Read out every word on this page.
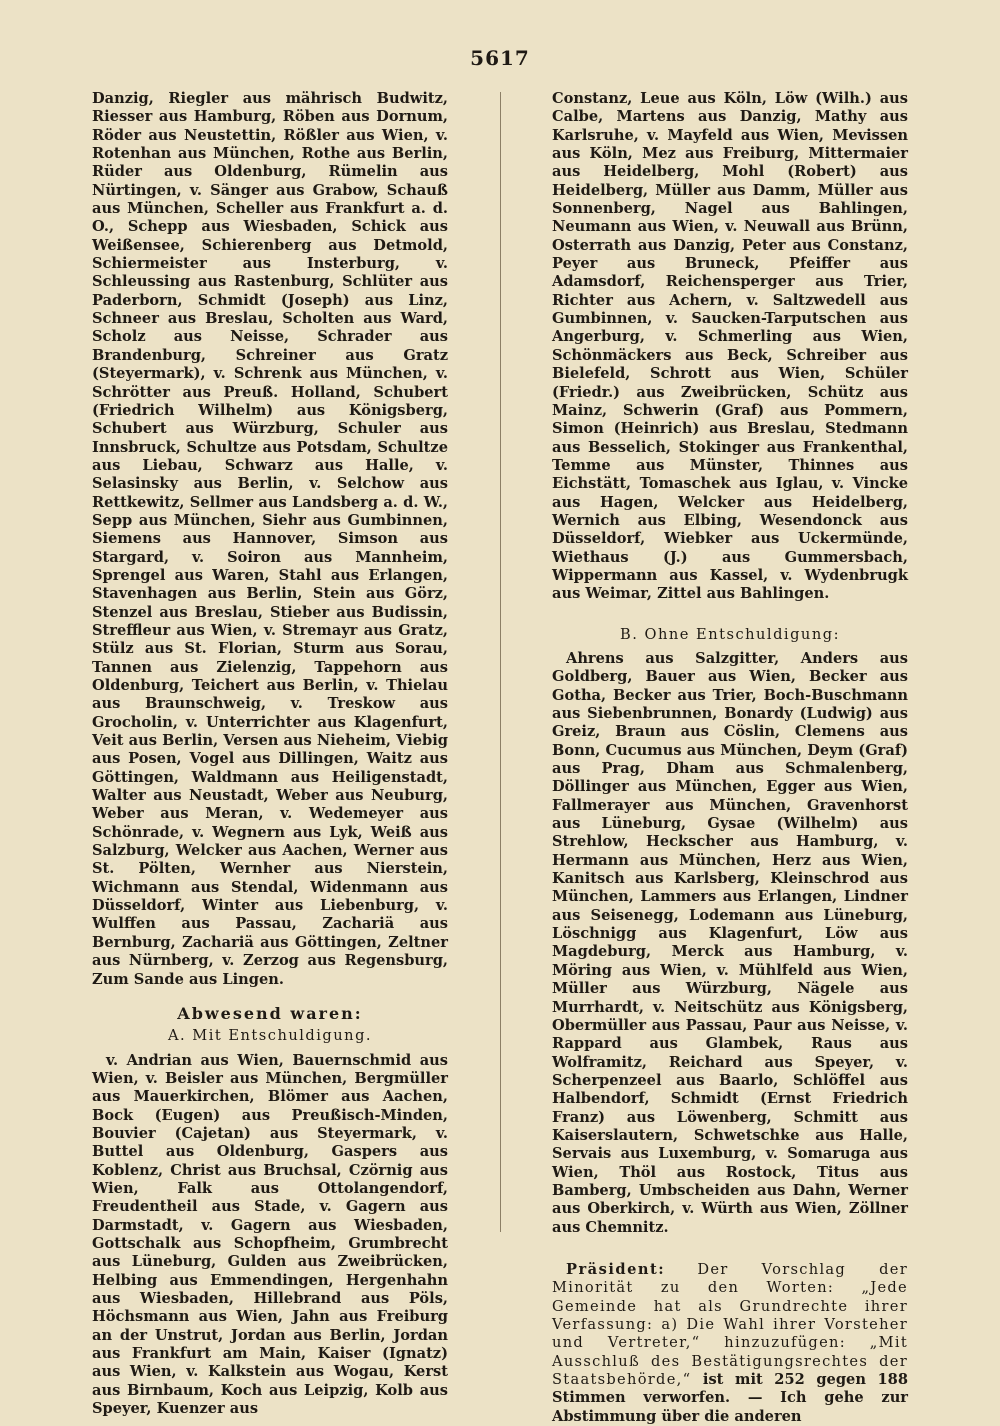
5617

Danzig, Riegler aus mährisch Budwitz, Riesser aus Hamburg, Röben aus Dornum, Röder aus Neustettin, Rößler aus Wien, v. Rotenhan aus München, Rothe aus Berlin, Rüder aus Oldenburg, Rümelin aus Nürtingen, v. Sänger aus Grabow, Schauß aus München, Scheller aus Frankfurt a. d. O., Schepp aus Wiesbaden, Schick aus Weißensee, Schierenberg aus Detmold, Schiermeister aus Insterburg, v. Schleussing aus Rastenburg, Schlüter aus Paderborn, Schmidt (Joseph) aus Linz, Schneer aus Breslau, Scholten aus Ward, Scholz aus Neisse, Schrader aus Brandenburg, Schreiner aus Gratz (Steyermark), v. Schrenk aus München, v. Schrötter aus Preuß. Holland, Schubert (Friedrich Wilhelm) aus Königsberg, Schubert aus Würzburg, Schuler aus Innsbruck, Schultze aus Potsdam, Schultze aus Liebau, Schwarz aus Halle, v. Selasinsky aus Berlin, v. Selchow aus Rettkewitz, Sellmer aus Landsberg a. d. W., Sepp aus München, Siehr aus Gumbinnen, Siemens aus Hannover, Simson aus Stargard, v. Soiron aus Mannheim, Sprengel aus Waren, Stahl aus Erlangen, Stavenhagen aus Berlin, Stein aus Görz, Stenzel aus Breslau, Stieber aus Budissin, Streffleur aus Wien, v. Stremayr aus Gratz, Stülz aus St. Florian, Sturm aus Sorau, Tannen aus Zielenzig, Tappehorn aus Oldenburg, Teichert aus Berlin, v. Thielau aus Braunschweig, v. Treskow aus Grocholin, v. Unterrichter aus Klagenfurt, Veit aus Berlin, Versen aus Nieheim, Viebig aus Posen, Vogel aus Dillingen, Waitz aus Göttingen, Waldmann aus Heiligenstadt, Walter aus Neustadt, Weber aus Neuburg, Weber aus Meran, v. Wedemeyer aus Schönrade, v. Wegnern aus Lyk, Weiß aus Salzburg, Welcker aus Aachen, Werner aus St. Pölten, Wernher aus Nierstein, Wichmann aus Stendal, Widenmann aus Düsseldorf, Winter aus Liebenburg, v. Wulffen aus Passau, Zachariä aus Bernburg, Zachariä aus Göttingen, Zeltner aus Nürnberg, v. Zerzog aus Regensburg, Zum Sande aus Lingen.

Abwesend waren:

A. Mit Entschuldigung.

v. Andrian aus Wien, Bauernschmid aus Wien, v. Beisler aus München, Bergmüller aus Mauerkirchen, Blömer aus Aachen, Bock (Eugen) aus Preußisch-Minden, Bouvier (Cajetan) aus Steyermark, v. Buttel aus Oldenburg, Gaspers aus Koblenz, Christ aus Bruchsal, Czörnig aus Wien, Falk aus Ottolangendorf, Freudentheil aus Stade, v. Gagern aus Darmstadt, v. Gagern aus Wiesbaden, Gottschalk aus Schopfheim, Grumbrecht aus Lüneburg, Gulden aus Zweibrücken, Helbing aus Emmendingen, Hergenhahn aus Wiesbaden, Hillebrand aus Pöls, Höchsmann aus Wien, Jahn aus Freiburg an der Unstrut, Jordan aus Berlin, Jordan aus Frankfurt am Main, Kaiser (Ignatz) aus Wien, v. Kalkstein aus Wogau, Kerst aus Birnbaum, Koch aus Leipzig, Kolb aus Speyer, Kuenzer aus

Constanz, Leue aus Köln, Löw (Wilh.) aus Calbe, Martens aus Danzig, Mathy aus Karlsruhe, v. Mayfeld aus Wien, Mevissen aus Köln, Mez aus Freiburg, Mittermaier aus Heidelberg, Mohl (Robert) aus Heidelberg, Müller aus Damm, Müller aus Sonnenberg, Nagel aus Bahlingen, Neumann aus Wien, v. Neuwall aus Brünn, Osterrath aus Danzig, Peter aus Constanz, Peyer aus Bruneck, Pfeiffer aus Adamsdorf, Reichensperger aus Trier, Richter aus Achern, v. Saltzwedell aus Gumbinnen, v. Saucken-Tarputschen aus Angerburg, v. Schmerling aus Wien, Schönmäckers aus Beck, Schreiber aus Bielefeld, Schrott aus Wien, Schüler (Friedr.) aus Zweibrücken, Schütz aus Mainz, Schwerin (Graf) aus Pommern, Simon (Heinrich) aus Breslau, Stedmann aus Besselich, Stokinger aus Frankenthal, Temme aus Münster, Thinnes aus Eichstätt, Tomaschek aus Iglau, v. Vincke aus Hagen, Welcker aus Heidelberg, Wernich aus Elbing, Wesendonck aus Düsseldorf, Wiebker aus Uckermünde, Wiethaus (J.) aus Gummersbach, Wippermann aus Kassel, v. Wydenbrugk aus Weimar, Zittel aus Bahlingen.

B. Ohne Entschuldigung:

Ahrens aus Salzgitter, Anders aus Goldberg, Bauer aus Wien, Becker aus Gotha, Becker aus Trier, Boch-Buschmann aus Siebenbrunnen, Bonardy (Ludwig) aus Greiz, Braun aus Cöslin, Clemens aus Bonn, Cucumus aus München, Deym (Graf) aus Prag, Dham aus Schmalenberg, Döllinger aus München, Egger aus Wien, Fallmerayer aus München, Gravenhorst aus Lüneburg, Gysae (Wilhelm) aus Strehlow, Heckscher aus Hamburg, v. Hermann aus München, Herz aus Wien, Kanitsch aus Karlsberg, Kleinschrod aus München, Lammers aus Erlangen, Lindner aus Seisenegg, Lodemann aus Lüneburg, Löschnigg aus Klagenfurt, Löw aus Magdeburg, Merck aus Hamburg, v. Möring aus Wien, v. Mühlfeld aus Wien, Müller aus Würzburg, Nägele aus Murrhardt, v. Neitschütz aus Königsberg, Obermüller aus Passau, Paur aus Neisse, v. Rappard aus Glambek, Raus aus Wolframitz, Reichard aus Speyer, v. Scherpenzeel aus Baarlo, Schlöffel aus Halbendorf, Schmidt (Ernst Friedrich Franz) aus Löwenberg, Schmitt aus Kaiserslautern, Schwetschke aus Halle, Servais aus Luxemburg, v. Somaruga aus Wien, Thöl aus Rostock, Titus aus Bamberg, Umbscheiden aus Dahn, Werner aus Oberkirch, v. Würth aus Wien, Zöllner aus Chemnitz.

Präsident: Der Vorschlag der Minorität zu den Worten: „Jede Gemeinde hat als Grundrechte ihrer Verfassung: a) Die Wahl ihrer Vorsteher und Vertreter,“ hinzuzufügen: „Mit Ausschluß des Bestätigungsrechtes der Staatsbehörde,“ ist mit 252 gegen 188 Stimmen verworfen. — Ich gehe zur Abstimmung über die anderen
